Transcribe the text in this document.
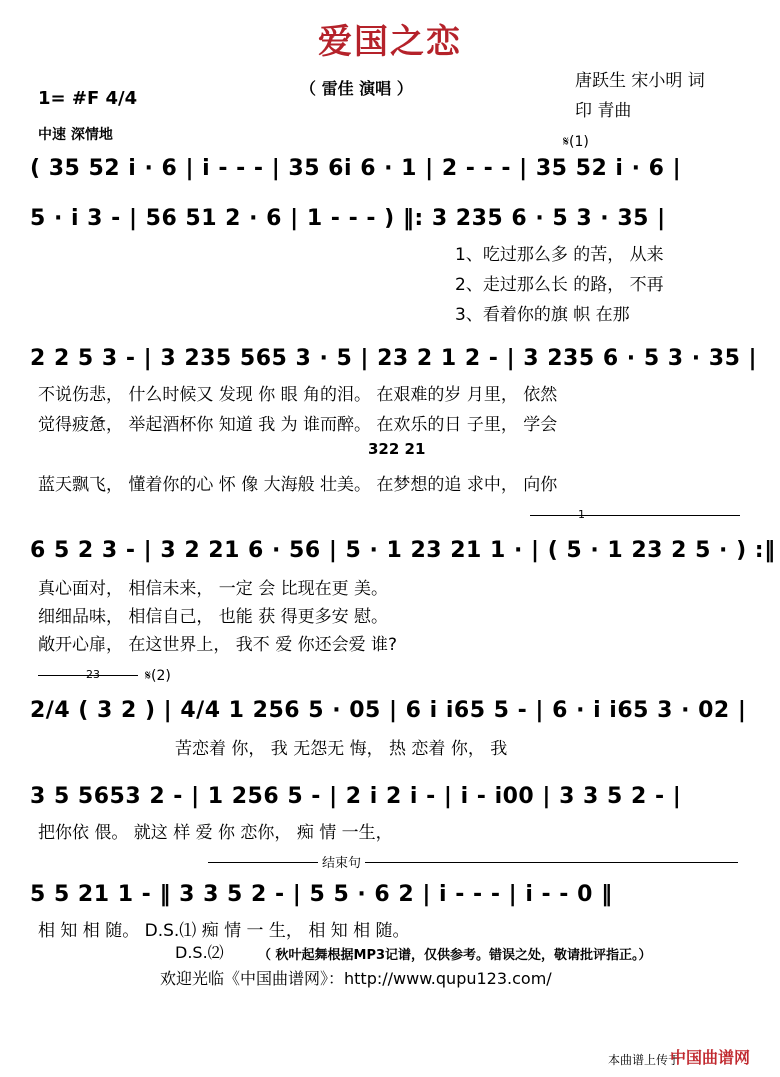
爱国之恋
（ 雷佳 演唱 ）	唐跃生 宋小明 词
印 青曲
1= #F 4/4
中速 深情地	𝄋(1)
( 35 52 i · 6 | i - - - | 35 6i 6 · 1 | 2 - - - | 35 52 i · 6 |
5 · i 3 - | 56 51 2 · 6 | 1 - - - ) ‖: 3 235 6 · 5 3 · 35 |
1、吃过那么多 的苦， 从来
2、走过那么长 的路， 不再
3、看着你的旗 帜 在那
2 2 5 3 - | 3 235 565 3 · 5 | 23 2 1 2 - | 3 235 6 · 5 3 · 35 |
不说伤悲， 什么时候又 发现 你 眼 角的泪。 在艰难的岁 月里， 依然
觉得疲惫， 举起酒杯你 知道 我 为 谁而醉。 在欢乐的日 子里， 学会
322 21
蓝天飘飞， 懂着你的心 怀 像 大海般 壮美。 在梦想的追 求中， 向你
1
6 5 2 3 - | 3 2 21 6 · 56 | 5 · 1 23 21 1 · | ( 5 · 1 23 2 5 · ) :‖
真心面对， 相信未来， 一定 会 比现在更 美。
细细品味， 相信自己， 也能 获 得更多安 慰。
敞开心扉， 在这世界上， 我不 爱 你还会爱 谁?
23	𝄋(2)
2/4 ( 3 2 ) | 4/4 1 256 5 · 05 | 6 i i65 5 - | 6 · i i65 3 · 02 |
苦恋着 你， 我 无怨无 悔， 热 恋着 你， 我
3 5 5653 2 - | 1 256 5 - | 2 i 2 i - | i - i00 | 3 3 5 2 - |
把你依 偎。 就这 样 爱 你 恋你， 痴 情 一生，
结束句
5 5 21 1 - ‖ 3 3 5 2 - | 5 5 · 6 2 | i - - - | i - - 0 ‖
相 知 相 随。 D.S.⑴ 痴 情 一 生， 相 知 相 随。
D.S.⑵	（ 秋叶起舞根据MP3记谱，仅供参考。错误之处，敬请批评指正。）
欢迎光临《中国曲谱网》：http://www.qupu123.com/
本曲谱上传于
中国曲谱网
